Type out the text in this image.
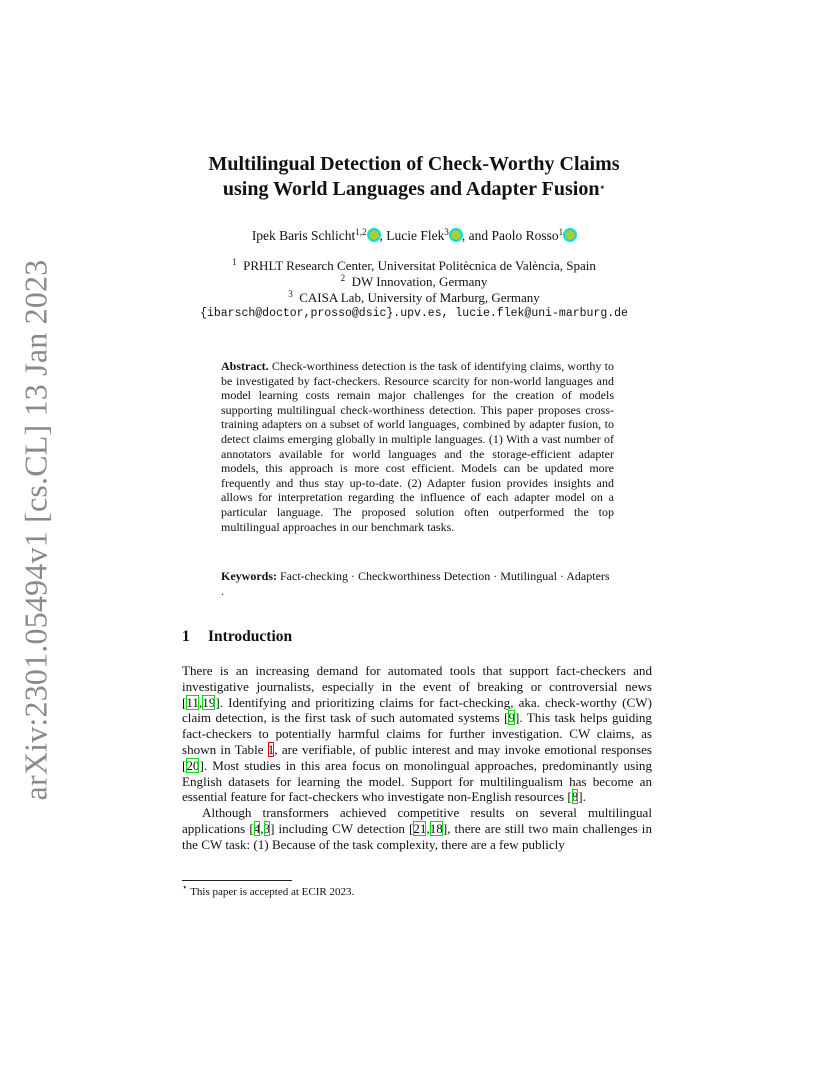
arXiv:2301.05494v1 [cs.CL] 13 Jan 2023
Multilingual Detection of Check-Worthy Claims
using World Languages and Adapter Fusion⋆
Ipek Baris Schlicht$^{1,2}$ , Lucie Flek$^3$ , and Paolo Rosso$^1$
$^1$ PRHLT Research Center, Universitat Politècnica de València, Spain
$^2$ DW Innovation, Germany
$^3$ CAISA Lab, University of Marburg, Germany
{ibarsch@doctor,prosso@dsic}.upv.es, lucie.flek@uni-marburg.de
Abstract. Check-worthiness detection is the task of identifying claims, worthy to be investigated by fact-checkers. Resource scarcity for non-world languages and model learning costs remain major challenges for the creation of models supporting multilingual check-worthiness detection. This paper proposes cross-training adapters on a subset of world languages, combined by adapter fusion, to detect claims emerging globally in multiple languages. (1) With a vast number of annotators available for world languages and the storage-efficient adapter models, this approach is more cost efficient. Models can be updated more frequently and thus stay up-to-date. (2) Adapter fusion provides insights and allows for interpretation regarding the influence of each adapter model on a particular language. The proposed solution often outperformed the top multilingual approaches in our benchmark tasks.
Keywords: Fact-checking · Checkworthiness Detection · Mutilingual · Adapters .
1 Introduction

There is an increasing demand for automated tools that support fact-checkers and investigative journalists, especially in the event of breaking or controversial news [11,19]. Identifying and prioritizing claims for fact-checking, aka. check-worthy (CW) claim detection, is the first task of such automated systems [9]. This task helps guiding fact-checkers to potentially harmful claims for further investigation. CW claims, as shown in Table 1, are verifiable, of public interest and may invoke emotional responses [20]. Most studies in this area focus on monolingual approaches, predominantly using English datasets for learning the model. Support for multilingualism has become an essential feature for fact-checkers who investigate non-English resources [8].

Although transformers achieved competitive results on several multilingual applications [4,3] including CW detection [21,18], there are still two main challenges in the CW task: (1) Because of the task complexity, there are a few publicly

⋆ This paper is accepted at ECIR 2023.
